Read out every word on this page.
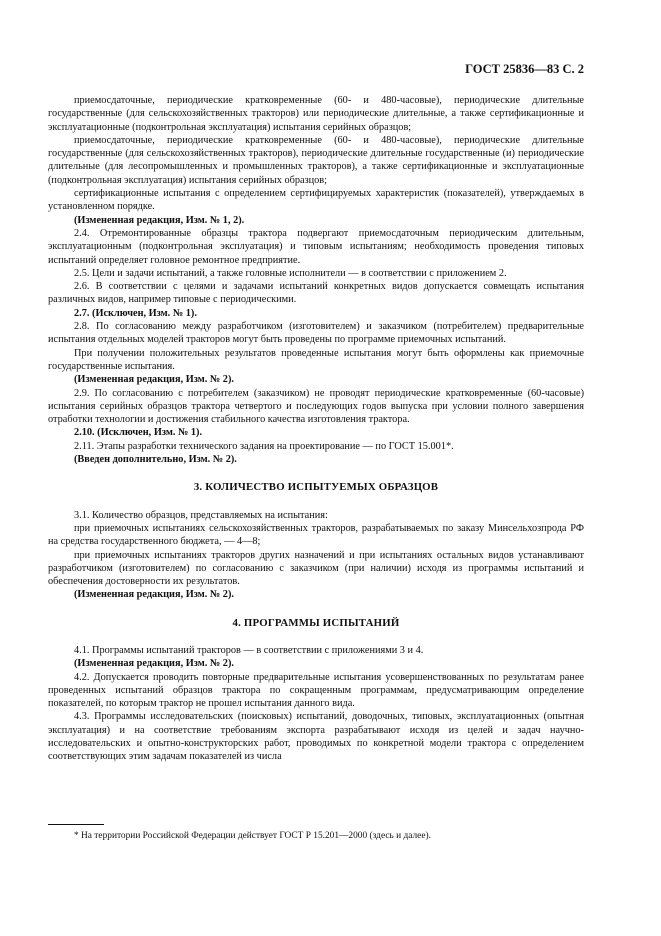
ГОСТ 25836—83 С. 2

приемосдаточные, периодические кратковременные (60- и 480-часовые), периодические длительные государственные (для сельскохозяйственных тракторов) или периодические длительные, а также сертификационные и эксплуатационные (подконтрольная эксплуатация) испытания серийных образцов;

приемосдаточные, периодические кратковременные (60- и 480-часовые), периодические длительные государственные (для сельскохозяйственных тракторов), периодические длительные государственные (и) периодические длительные (для лесопромышленных и промышленных тракторов), а также сертификационные и эксплуатационные (подконтрольная эксплуатация) испытания серийных образцов;

сертификационные испытания с определением сертифицируемых характеристик (показателей), утверждаемых в установленном порядке.

(Измененная редакция, Изм. № 1, 2).

2.4. Отремонтированные образцы трактора подвергают приемосдаточным периодическим длительным, эксплуатационным (подконтрольная эксплуатация) и типовым испытаниям; необходимость проведения типовых испытаний определяет головное ремонтное предприятие.

2.5. Цели и задачи испытаний, а также головные исполнители — в соответствии с приложением 2.

2.6. В соответствии с целями и задачами испытаний конкретных видов допускается совмещать испытания различных видов, например типовые с периодическими.

2.7. (Исключен, Изм. № 1).

2.8. По согласованию между разработчиком (изготовителем) и заказчиком (потребителем) предварительные испытания отдельных моделей тракторов могут быть проведены по программе приемочных испытаний.

При получении положительных результатов проведенные испытания могут быть оформлены как приемочные государственные испытания.

(Измененная редакция, Изм. № 2).

2.9. По согласованию с потребителем (заказчиком) не проводят периодические кратковременные (60-часовые) испытания серийных образцов трактора четвертого и последующих годов выпуска при условии полного завершения отработки технологии и достижения стабильного качества изготовления трактора.

2.10. (Исключен, Изм. № 1).

2.11. Этапы разработки технического задания на проектирование — по ГОСТ 15.001*.

(Введен дополнительно, Изм. № 2).

3. КОЛИЧЕСТВО ИСПЫТУЕМЫХ ОБРАЗЦОВ

3.1. Количество образцов, представляемых на испытания:

при приемочных испытаниях сельскохозяйственных тракторов, разрабатываемых по заказу Минсельхозпрода РФ на средства государственного бюджета, — 4—8;

при приемочных испытаниях тракторов других назначений и при испытаниях остальных видов устанавливают разработчиком (изготовителем) по согласованию с заказчиком (при наличии) исходя из программы испытаний и обеспечения достоверности их результатов.

(Измененная редакция, Изм. № 2).

4. ПРОГРАММЫ ИСПЫТАНИЙ

4.1. Программы испытаний тракторов — в соответствии с приложениями 3 и 4.

(Измененная редакция, Изм. № 2).

4.2. Допускается проводить повторные предварительные испытания усовершенствованных по результатам ранее проведенных испытаний образцов трактора по сокращенным программам, предусматривающим определение показателей, по которым трактор не прошел испытания данного вида.

4.3. Программы исследовательских (поисковых) испытаний, доводочных, типовых, эксплуатационных (опытная эксплуатация) и на соответствие требованиям экспорта разрабатывают исходя из целей и задач научно-исследовательских и опытно-конструкторских работ, проводимых по конкретной модели трактора с определением соответствующих этим задачам показателей из числа

* На территории Российской Федерации действует ГОСТ Р 15.201—2000 (здесь и далее).
